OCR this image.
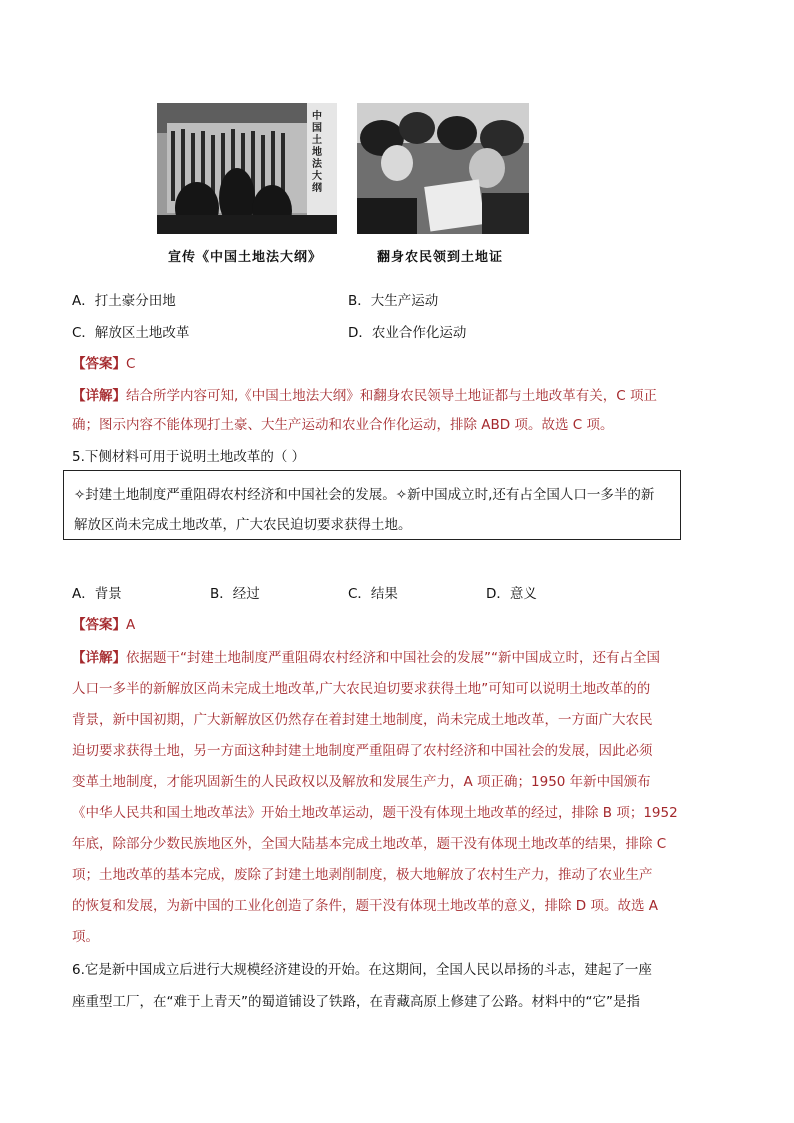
中国土地法大纲
宣传《中国土地法大纲》	翻身农民领到土地证
A．打土豪分田地	B．大生产运动
C．解放区土地改革	D．农业合作化运动
【答案】C
【详解】结合所学内容可知,《中国土地法大纲》和翻身农民领导土地证都与土地改革有关，C 项正
确；图示内容不能体现打土豪、大生产运动和农业合作化运动，排除 ABD 项。故选 C 项。
5.下侧材料可用于说明土地改革的（ ）
✧封建土地制度严重阻碍农村经济和中国社会的发展。✧新中国成立时,还有占全国人口一多半的新
解放区尚未完成土地改革，广大农民迫切要求获得土地。
A．背景	B．经过	C．结果	D．意义
【答案】A
【详解】依据题干“封建土地制度严重阻碍农村经济和中国社会的发展”“新中国成立时，还有占全国
人口一多半的新解放区尚未完成土地改革,广大农民迫切要求获得土地”可知可以说明土地改革的的
背景，新中国初期，广大新解放区仍然存在着封建土地制度，尚未完成土地改革，一方面广大农民
迫切要求获得土地，另一方面这种封建土地制度严重阻碍了农村经济和中国社会的发展，因此必须
变革土地制度，才能巩固新生的人民政权以及解放和发展生产力，A 项正确；1950 年新中国颁布
《中华人民共和国土地改革法》开始土地改革运动，题干没有体现土地改革的经过，排除 B 项；1952
年底，除部分少数民族地区外，全国大陆基本完成土地改革，题干没有体现土地改革的结果，排除 C
项；土地改革的基本完成，废除了封建土地剥削制度，极大地解放了农村生产力，推动了农业生产
的恢复和发展，为新中国的工业化创造了条件，题干没有体现土地改革的意义，排除 D 项。故选 A
项。
6.它是新中国成立后进行大规模经济建设的开始。在这期间，全国人民以昂扬的斗志，建起了一座
座重型工厂，在“难于上青天”的蜀道铺设了铁路，在青藏高原上修建了公路。材料中的“它”是指
